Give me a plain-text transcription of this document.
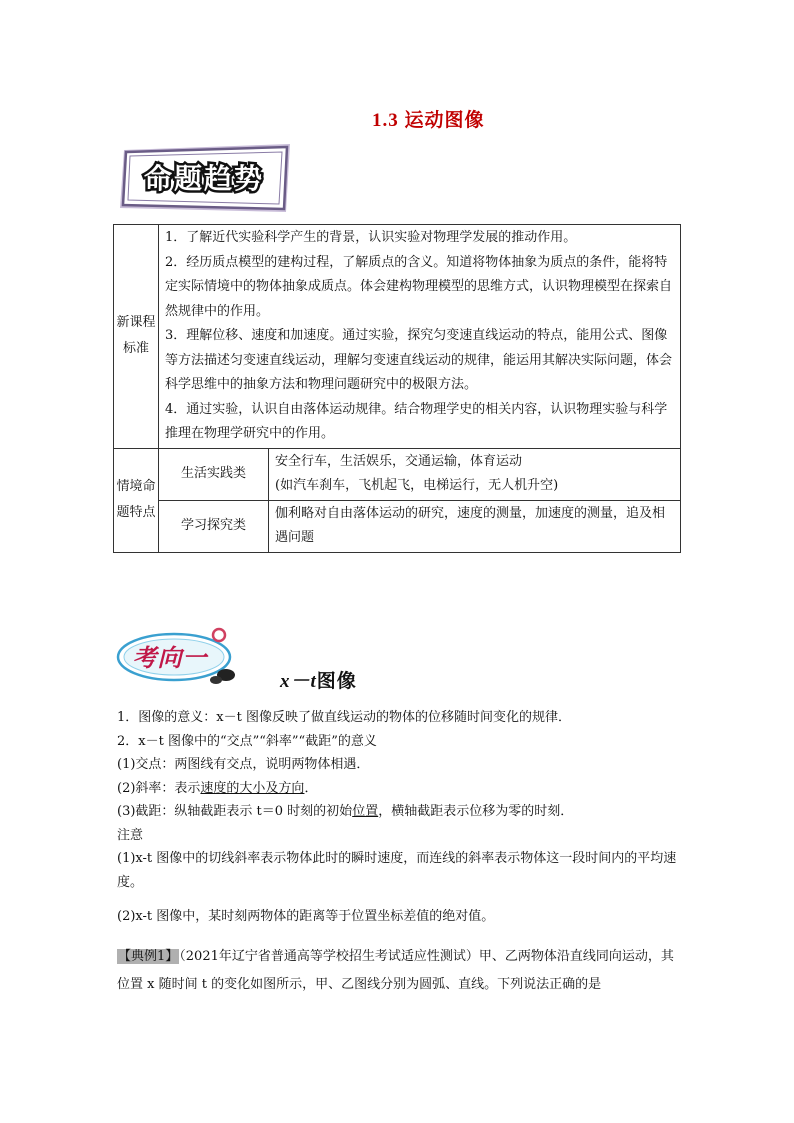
1.3 运动图像
命题趋势
新课程标准	1．了解近代实验科学产生的背景，认识实验对物理学发展的推动作用。
2．经历质点模型的建构过程，了解质点的含义。知道将物体抽象为质点的条件，能将特定实际情境中的物体抽象成质点。体会建构物理模型的思维方式，认识物理模型在探索自然规律中的作用。
3．理解位移、速度和加速度。通过实验，探究匀变速直线运动的特点，能用公式、图像等方法描述匀变速直线运动，理解匀变速直线运动的规律，能运用其解决实际问题，体会科学思维中的抽象方法和物理问题研究中的极限方法。
4．通过实验，认识自由落体运动规律。结合物理学史的相关内容，认识物理实验与科学推理在物理学研究中的作用。	

情境命题特点	生活实践类	安全行车，生活娱乐，交通运输，体育运动
(如汽车刹车，飞机起飞，电梯运行，无人机升空)

	学习探究类	伽利略对自由落体运动的研究，速度的测量，加速度的测量，追及相遇问题
考向一
x－t图像

1．图像的意义：x－t 图像反映了做直线运动的物体的位移随时间变化的规律．

2．x－t 图像中的“交点”“斜率”“截距”的意义

(1)交点：两图线有交点，说明两物体相遇．

(2)斜率：表示速度的大小及方向．

(3)截距：纵轴截距表示 t＝0 时刻的初始位置，横轴截距表示位移为零的时刻．

注意

(1)x-t 图像中的切线斜率表示物体此时的瞬时速度，而连线的斜率表示物体这一段时间内的平均速度。

(2)x-t 图像中，某时刻两物体的距离等于位置坐标差值的绝对值。

【典例1】（2021年辽宁省普通高等学校招生考试适应性测试）甲、乙两物体沿直线同向运动，其位置 x 随时间 t 的变化如图所示，甲、乙图线分别为圆弧、直线。下列说法正确的是
